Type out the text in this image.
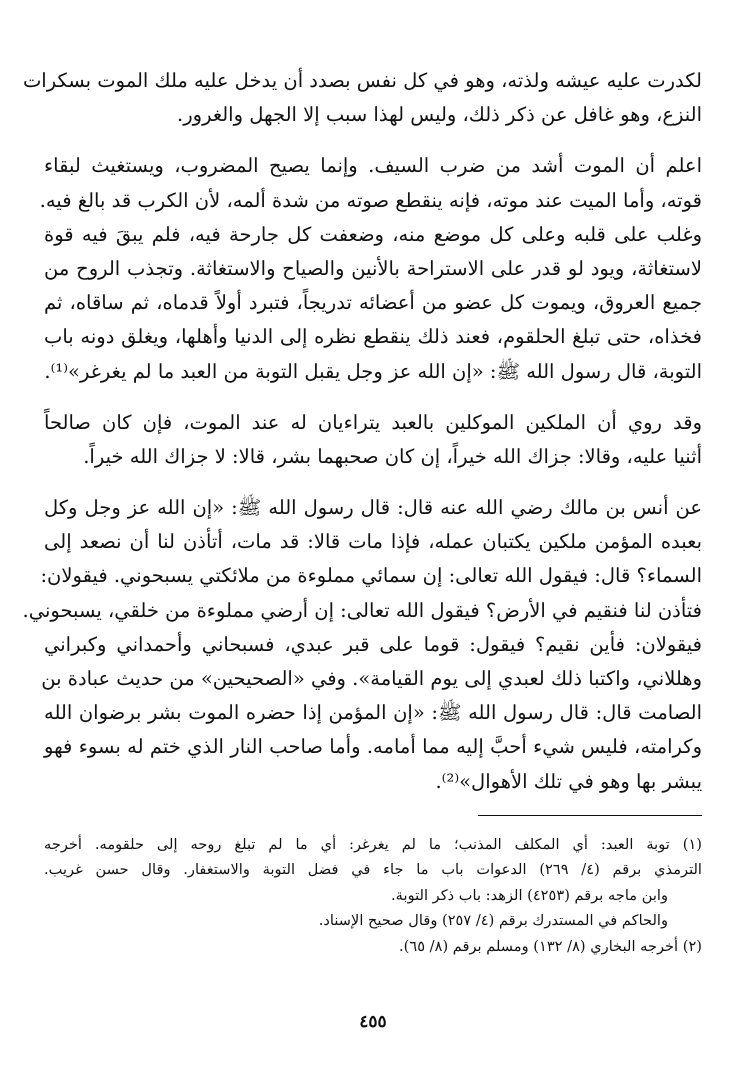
لكدرت عليه عيشه ولذته، وهو في كل نفس بصدد أن يدخل عليه ملك الموت بسكرات
النزع، وهو غافل عن ذكر ذلك، وليس لهذا سبب إلا الجهل والغرور.
اعلم أن الموت أشد من ضرب السيف. وإنما يصيح المضروب، ويستغيث لبقاء
قوته، وأما الميت عند موته، فإنه ينقطع صوته من شدة ألمه، لأن الكرب قد بالغ فيه.
وغلب على قلبه وعلى كل موضع منه، وضعفت كل جارحة فيه، فلم يبقَ فيه قوة
لاستغاثة، ويود لو قدر على الاستراحة بالأنين والصياح والاستغاثة. وتجذب الروح من
جميع العروق، ويموت كل عضو من أعضائه تدريجاً، فتبرد أولاً قدماه، ثم ساقاه، ثم
فخذاه، حتى تبلغ الحلقوم، فعند ذلك ينقطع نظره إلى الدنيا وأهلها، ويغلق دونه باب
التوبة، قال رسول الله ﷺ: «إن الله عز وجل يقبل التوبة من العبد ما لم يغرغر»⁽¹⁾.
وقد روي أن الملكين الموكلين بالعبد يتراءيان له عند الموت، فإن كان صالحاً
أثنيا عليه، وقالا: جزاك الله خيراً، إن كان صحبهما بشر، قالا: لا جزاك الله خيراً.
عن أنس بن مالك رضي الله عنه قال: قال رسول الله ﷺ: «إن الله عز وجل وكل
بعبده المؤمن ملكين يكتبان عمله، فإذا مات قالا: قد مات، أتأذن لنا أن نصعد إلى
السماء؟ قال: فيقول الله تعالى: إن سمائي مملوءة من ملائكتي يسبحوني. فيقولان:
فتأذن لنا فنقيم في الأرض؟ فيقول الله تعالى: إن أرضي مملوءة من خلقي، يسبحوني.
فيقولان: فأين نقيم؟ فيقول: قوما على قبر عبدي، فسبحاني وأحمداني وكبراني
وهللاني، واكتبا ذلك لعبدي إلى يوم القيامة». وفي «الصحيحين» من حديث عبادة بن
الصامت قال: قال رسول الله ﷺ: «إن المؤمن إذا حضره الموت بشر برضوان الله
وكرامته، فليس شيء أحبَّ إليه مما أمامه. وأما صاحب النار الذي ختم له بسوء فهو
يبشر بها وهو في تلك الأهوال»⁽²⁾.
(١) توبة العبد: أي المكلف المذنب؛ ما لم يغرغر: أي ما لم تبلغ روحه إلى حلقومه. أخرجه
الترمذي برقم (٤/ ٢٦٩) الدعوات باب ما جاء في فضل التوبة والاستغفار. وقال حسن غريب.
وابن ماجه برقم (٤٢٥٣) الزهد: باب ذكر التوبة.
والحاكم في المستدرك برقم (٤/ ٢٥٧) وقال صحيح الإسناد.
(٢) أخرجه البخاري (٨/ ١٣٢) ومسلم برقم (٨/ ٦٥).
٤٥٥
